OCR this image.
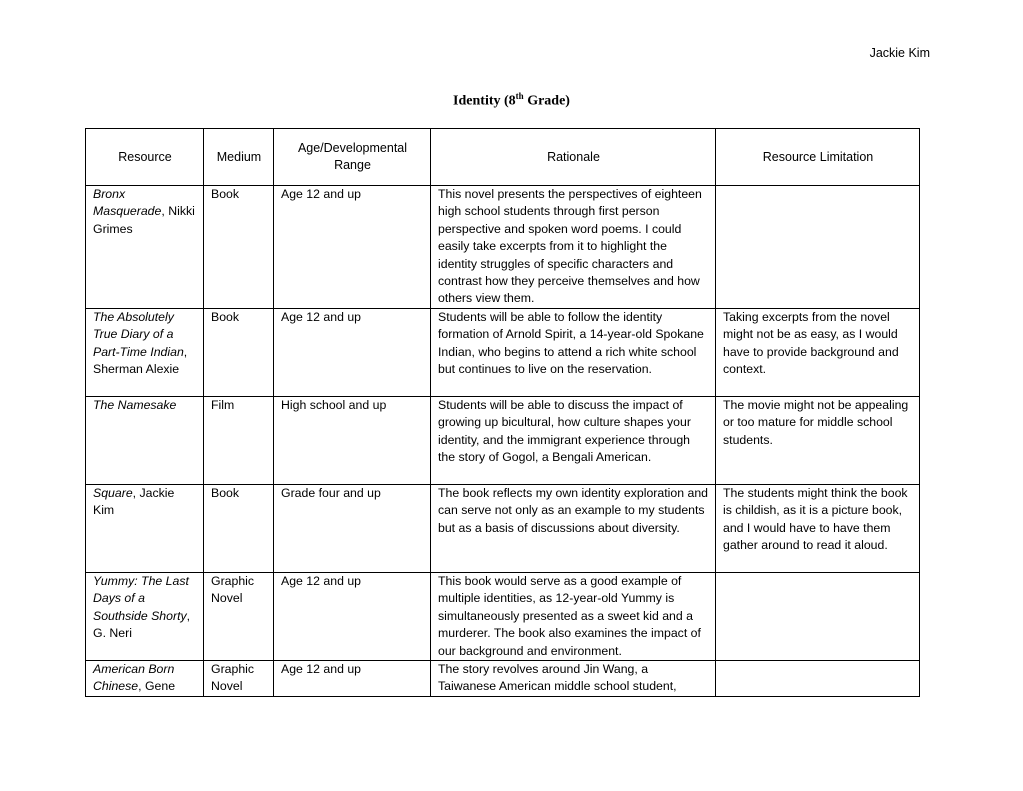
Jackie Kim
Identity (8th Grade)
Resource	Medium	Age/Developmental Range	Rationale	Resource Limitation
Bronx Masquerade, Nikki Grimes	Book	Age 12 and up	This novel presents the perspectives of eighteen high school students through first person perspective and spoken word poems. I could easily take excerpts from it to highlight the identity struggles of specific characters and contrast how they perceive themselves and how others view them.	
The Absolutely True Diary of a Part-Time Indian, Sherman Alexie	Book	Age 12 and up	Students will be able to follow the identity formation of Arnold Spirit, a 14-year-old Spokane Indian, who begins to attend a rich white school but continues to live on the reservation.	Taking excerpts from the novel might not be as easy, as I would have to provide background and context.
The Namesake	Film	High school and up	Students will be able to discuss the impact of growing up bicultural, how culture shapes your identity, and the immigrant experience through the story of Gogol, a Bengali American.	The movie might not be appealing or too mature for middle school students.
Square, Jackie Kim	Book	Grade four and up	The book reflects my own identity exploration and can serve not only as an example to my students but as a basis of discussions about diversity.	The students might think the book is childish, as it is a picture book, and I would have to have them gather around to read it aloud.
Yummy: The Last Days of a Southside Shorty, G. Neri	Graphic Novel	Age 12 and up	This book would serve as a good example of multiple identities, as 12-year-old Yummy is simultaneously presented as a sweet kid and a murderer. The book also examines the impact of our background and environment.	
American Born Chinese, Gene	Graphic Novel	Age 12 and up	The story revolves around Jin Wang, a Taiwanese American middle school student,	
